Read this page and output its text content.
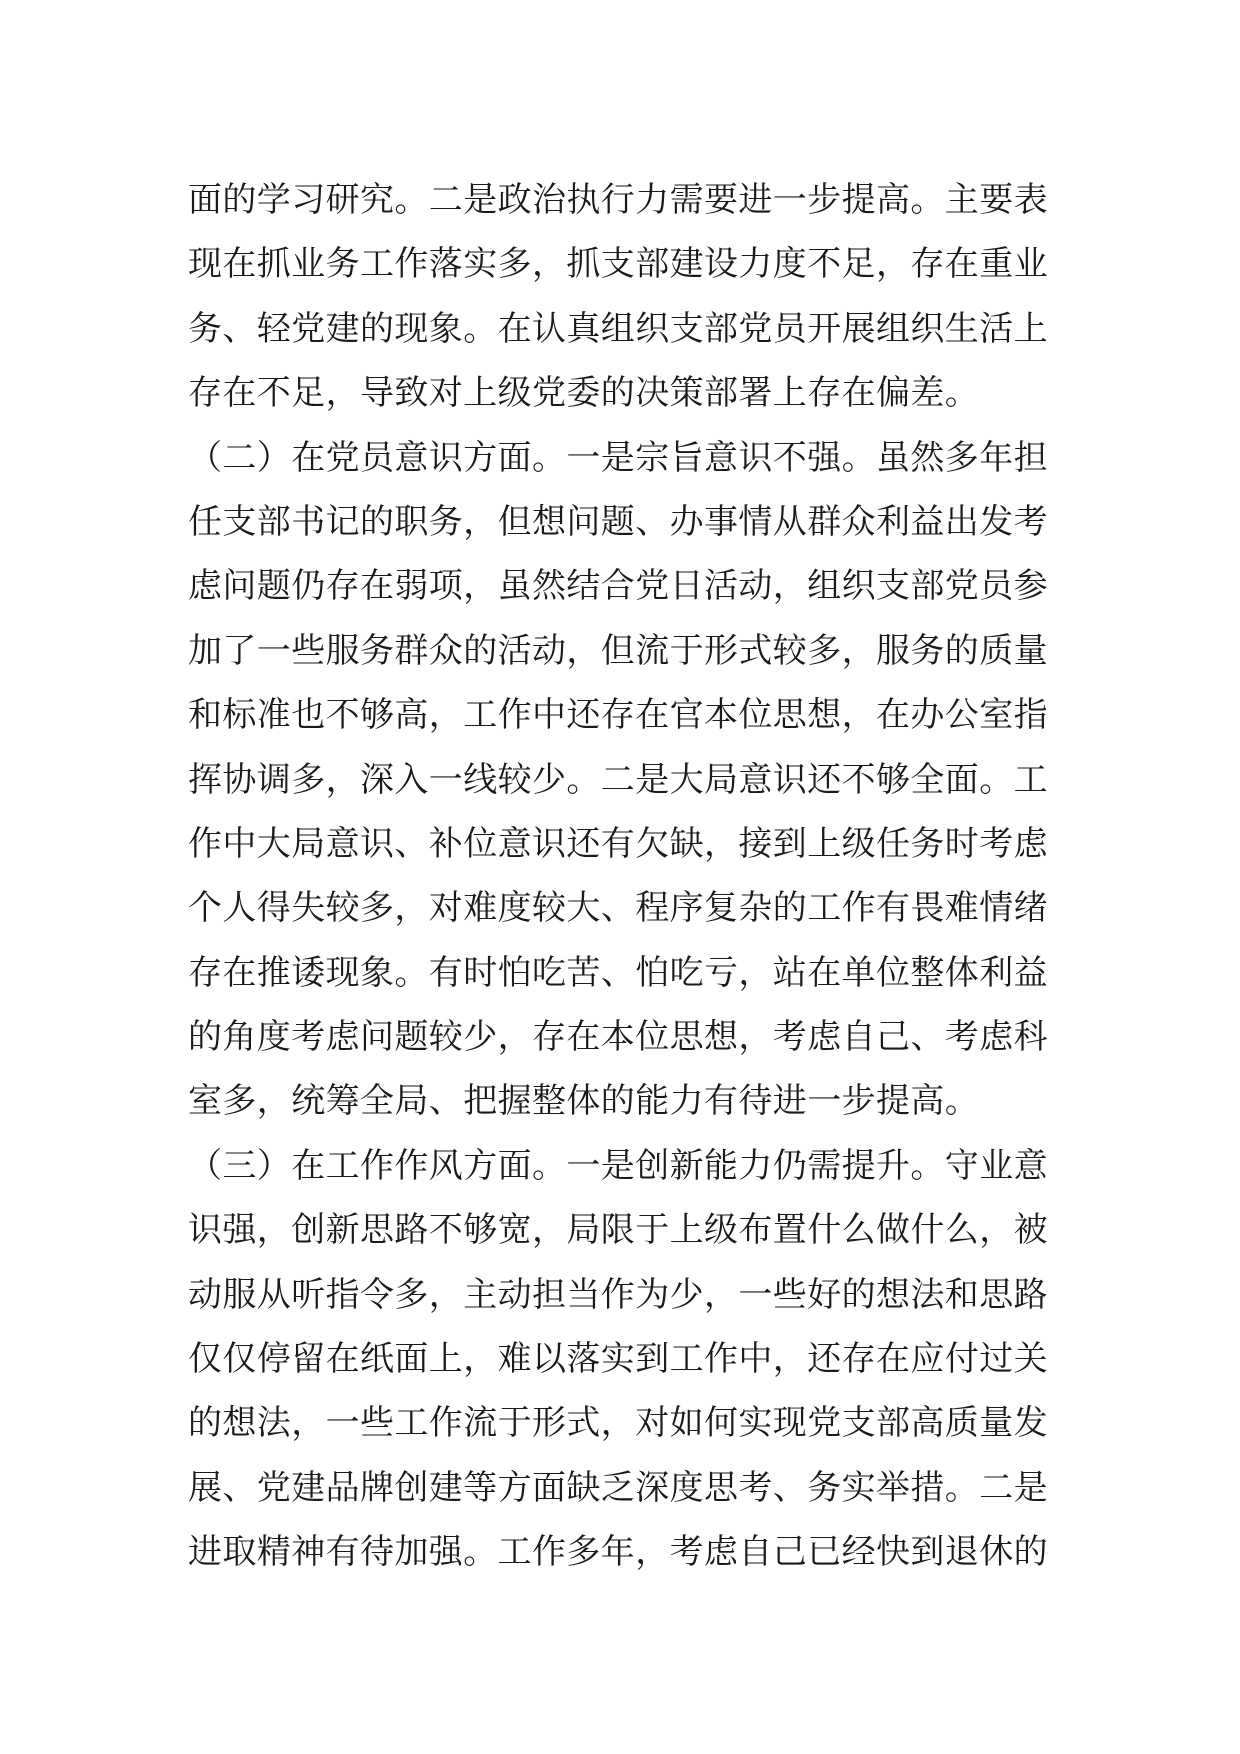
面的学习研究。二是政治执行力需要进一步提高。主要表
现在抓业务工作落实多，抓支部建设力度不足，存在重业
务、轻党建的现象。在认真组织支部党员开展组织生活上
存在不足，导致对上级党委的决策部署上存在偏差。
（二）在党员意识方面。一是宗旨意识不强。虽然多年担
任支部书记的职务，但想问题、办事情从群众利益出发考
虑问题仍存在弱项，虽然结合党日活动，组织支部党员参
加了一些服务群众的活动，但流于形式较多，服务的质量
和标准也不够高，工作中还存在官本位思想，在办公室指
挥协调多，深入一线较少。二是大局意识还不够全面。工
作中大局意识、补位意识还有欠缺，接到上级任务时考虑
个人得失较多，对难度较大、程序复杂的工作有畏难情绪
存在推诿现象。有时怕吃苦、怕吃亏，站在单位整体利益
的角度考虑问题较少，存在本位思想，考虑自己、考虑科
室多，统筹全局、把握整体的能力有待进一步提高。
（三）在工作作风方面。一是创新能力仍需提升。守业意
识强，创新思路不够宽，局限于上级布置什么做什么，被
动服从听指令多，主动担当作为少，一些好的想法和思路
仅仅停留在纸面上，难以落实到工作中，还存在应付过关
的想法，一些工作流于形式，对如何实现党支部高质量发
展、党建品牌创建等方面缺乏深度思考、务实举措。二是
进取精神有待加强。工作多年，考虑自己已经快到退休的
